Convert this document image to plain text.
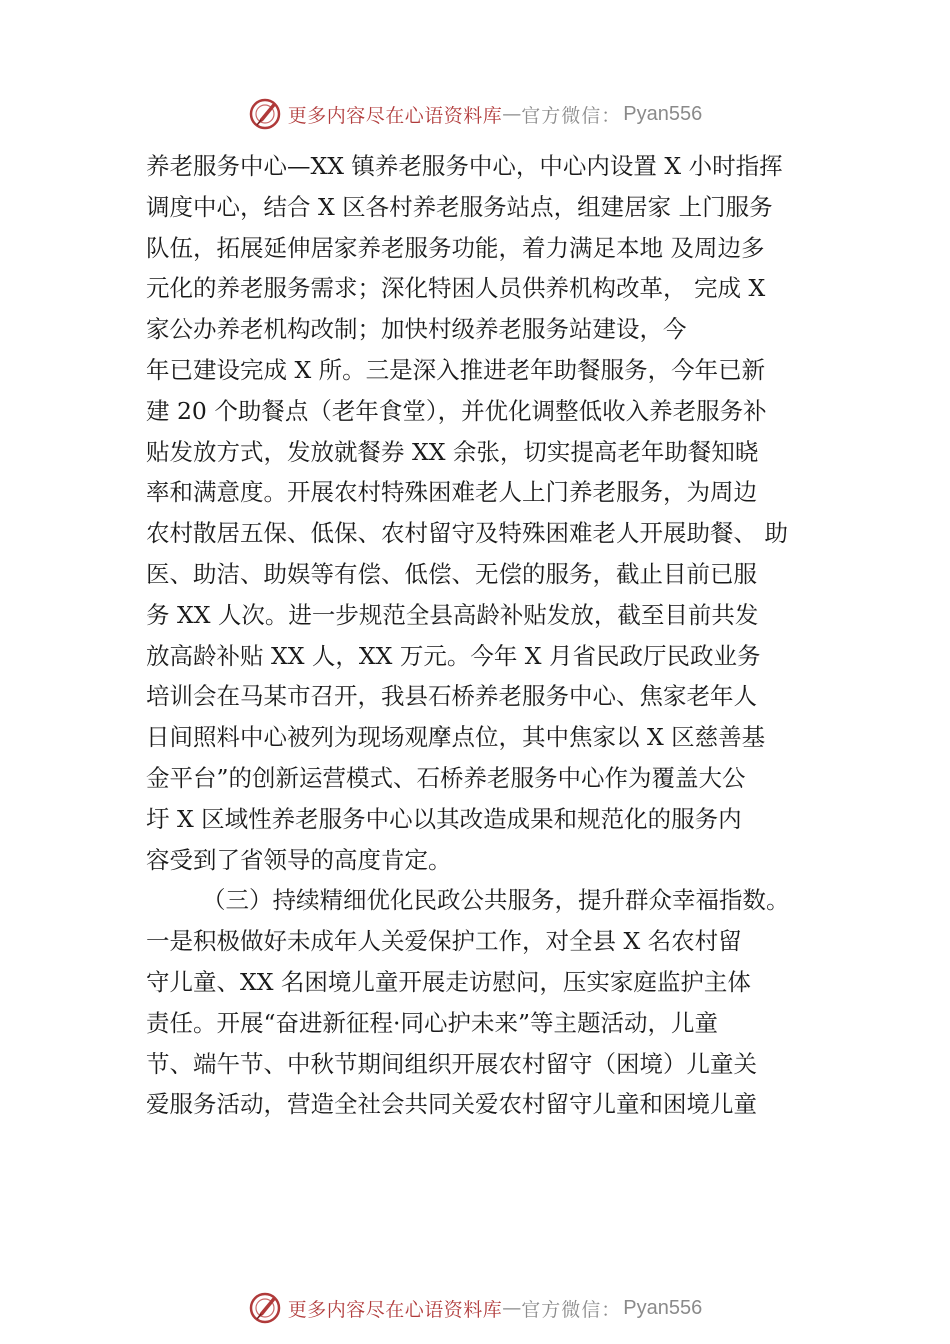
更多内容尽在心语资料库 — 官方微信： Pyan556
养老服务中心—XX 镇养老服务中心，中心内设置 X 小时指挥
调度中心，结合 X 区各村养老服务站点，组建居家 上门服务
队伍，拓展延伸居家养老服务功能，着力满足本地 及周边多
元化的养老服务需求；深化特困人员供养机构改革， 完成 X
家公办养老机构改制；加快村级养老服务站建设，今
年已建设完成 X 所。三是深入推进老年助餐服务，今年已新
建 20 个助餐点（老年食堂），并优化调整低收入养老服务补
贴发放方式，发放就餐券 XX 余张，切实提高老年助餐知晓
率和满意度。开展农村特殊困难老人上门养老服务，为周边
农村散居五保、低保、农村留守及特殊困难老人开展助餐、 助
医、助洁、助娱等有偿、低偿、无偿的服务，截止目前已服
务 XX 人次。进一步规范全县高龄补贴发放，截至目前共发
放高龄补贴 XX 人，XX 万元。今年 X 月省民政厅民政业务
培训会在马某市召开，我县石桥养老服务中心、焦家老年人
日间照料中心被列为现场观摩点位，其中焦家以 X 区慈善基
金平台”的创新运营模式、石桥养老服务中心作为覆盖大公
圩 X 区域性养老服务中心以其改造成果和规范化的服务内
容受到了省领导的高度肯定。
（三）持续精细优化民政公共服务，提升群众幸福指数。
一是积极做好未成年人关爱保护工作，对全县 X 名农村留
守儿童、XX 名困境儿童开展走访慰问，压实家庭监护主体
责任。开展“奋进新征程·同心护未来”等主题活动，儿童
节、端午节、中秋节期间组织开展农村留守（困境）儿童关
爱服务活动，营造全社会共同关爱农村留守儿童和困境儿童
更多内容尽在心语资料库 — 官方微信： Pyan556
